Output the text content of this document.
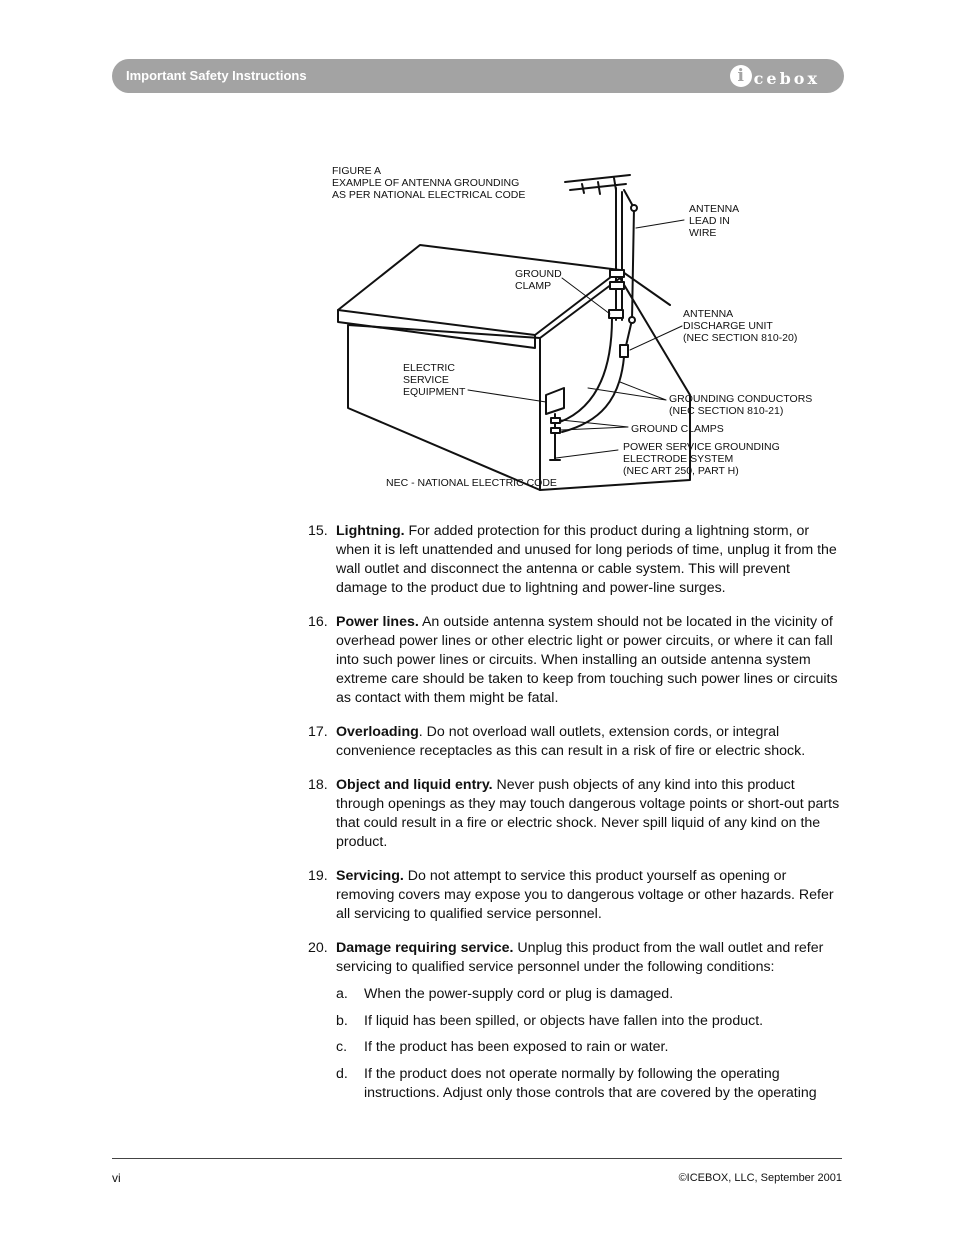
Important Safety Instructions	i cebox

FIGURE A
EXAMPLE OF ANTENNA GROUNDING
AS PER NATIONAL ELECTRICAL CODE

ANTENNA
LEAD IN
WIRE

GROUND
CLAMP

ANTENNA
DISCHARGE UNIT
(NEC SECTION 810-20)

ELECTRIC
SERVICE
EQUIPMENT

GROUNDING CONDUCTORS
(NEC SECTION 810-21)

GROUND CLAMPS

POWER SERVICE GROUNDING
ELECTRODE SYSTEM
(NEC ART 250, PART H)

NEC - NATIONAL ELECTRIC CODE

15. Lightning. For added protection for this product during a lightning storm, or when it is left unattended and unused for long periods of time, unplug it from the wall outlet and disconnect the antenna or cable system. This will prevent damage to the product due to lightning and power-line surges.
16. Power lines. An outside antenna system should not be located in the vicinity of overhead power lines or other electric light or power circuits, or where it can fall into such power lines or circuits. When installing an outside antenna system extreme care should be taken to keep from touching such power lines or circuits as contact with them might be fatal.
17. Overloading. Do not overload wall outlets, extension cords, or integral convenience receptacles as this can result in a risk of fire or electric shock.
18. Object and liquid entry. Never push objects of any kind into this product through openings as they may touch dangerous voltage points or short-out parts that could result in a fire or electric shock. Never spill liquid of any kind on the product.
19. Servicing. Do not attempt to service this product yourself as opening or removing covers may expose you to dangerous voltage or other hazards. Refer all servicing to qualified service personnel.
20. Damage requiring service. Unplug this product from the wall outlet and refer servicing to qualified service personnel under the following conditions:
a. When the power-supply cord or plug is damaged.
b. If liquid has been spilled, or objects have fallen into the product.
c. If the product has been exposed to rain or water.
d. If the product does not operate normally by following the operating instructions. Adjust only those controls that are covered by the operating
vi	©ICEBOX, LLC, September 2001
